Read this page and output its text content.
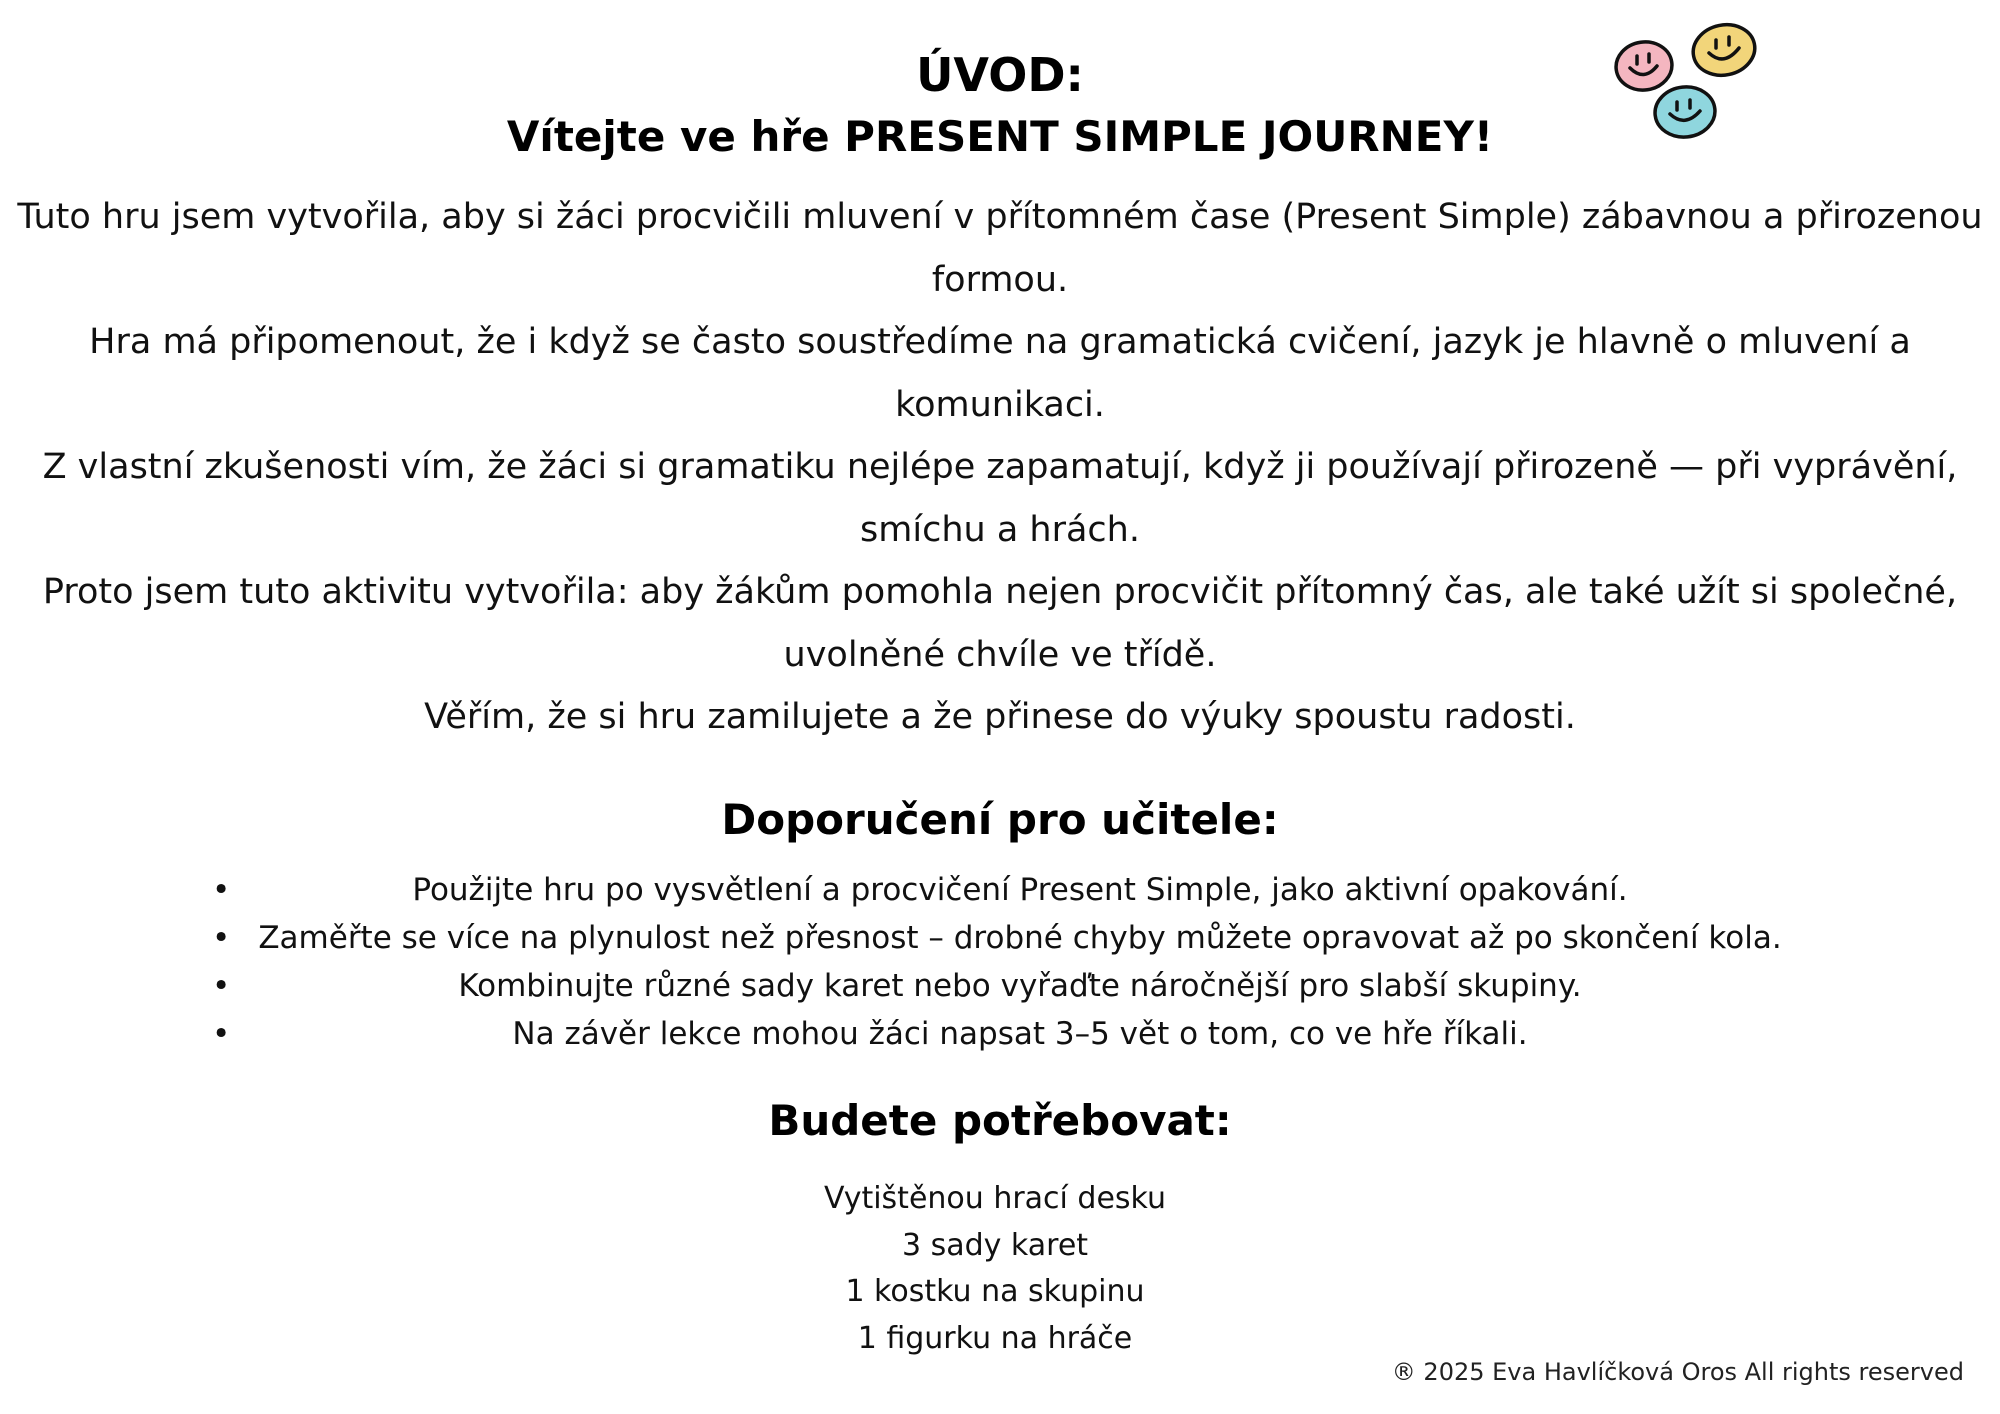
ÚVOD:
Vítejte ve hře PRESENT SIMPLE JOURNEY!

Tuto hru jsem vytvořila, aby si žáci procvičili mluvení v přítomném čase (Present Simple) zábavnou a přirozenou formou.

Hra má připomenout, že i když se často soustředíme na gramatická cvičení, jazyk je hlavně o mluvení a komunikaci.

Z vlastní zkušenosti vím, že žáci si gramatiku nejlépe zapamatují, když ji používají přirozeně — při vyprávění, smíchu a hrách.

Proto jsem tuto aktivitu vytvořila: aby žákům pomohla nejen procvičit přítomný čas, ale také užít si společné, uvolněné chvíle ve třídě.

Věřím, že si hru zamilujete a že přinese do výuky spoustu radosti.

Doporučení pro učitele:
•	Použijte hru po vysvětlení a procvičení Present Simple, jako aktivní opakování.
• Zaměřte se více na plynulost než přesnost – drobné chyby můžete opravovat až po skončení kola.
•	Kombinujte různé sady karet nebo vyřaďte náročnější pro slabší skupiny.
•	Na závěr lekce mohou žáci napsat 3–5 vět o tom, co ve hře říkali.
Budete potřebovat:
Vytištěnou hrací desku
3 sady karet
1 kostku na skupinu
1 figurku na hráče
® 2025 Eva Havlíčková Oros All rights reserved
